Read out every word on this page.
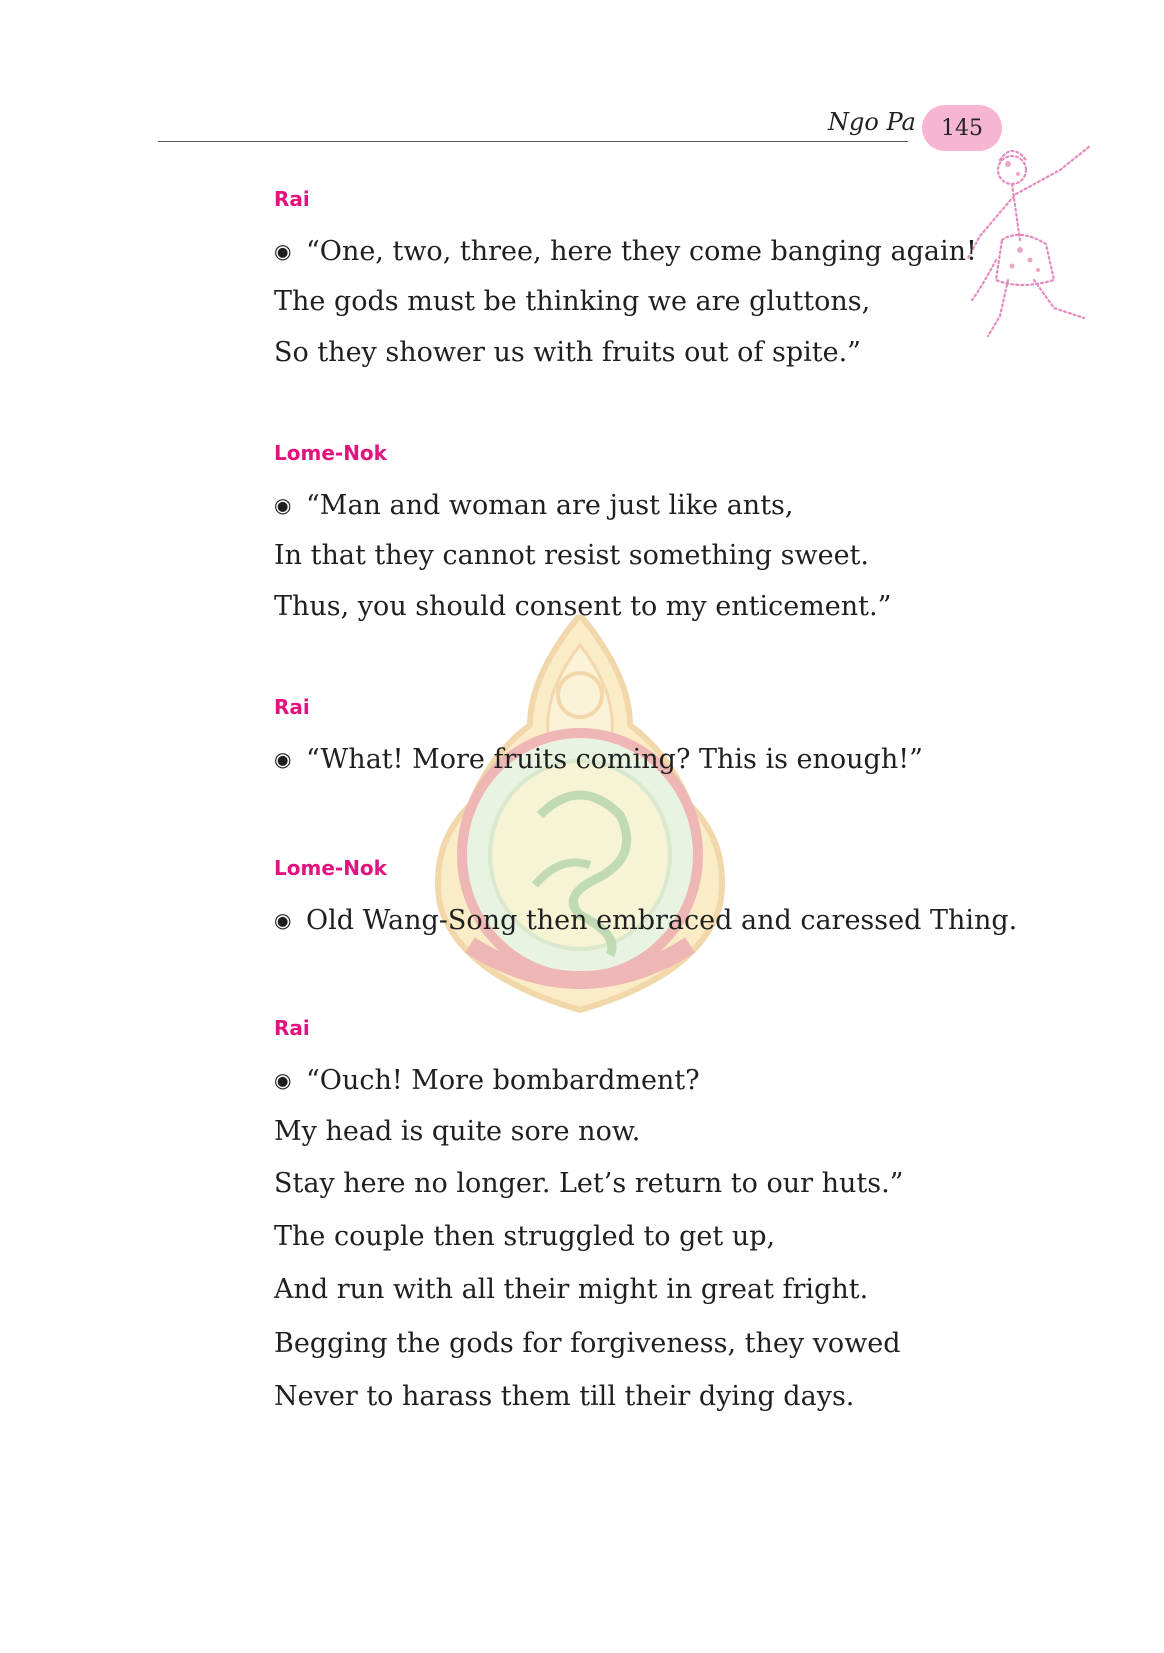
Ngo Pa 145
Rai
◉ “One, two, three, here they come banging again!
The gods must be thinking we are gluttons,
So they shower us with fruits out of spite.”
Lome-Nok
◉ “Man and woman are just like ants,
In that they cannot resist something sweet.
Thus, you should consent to my enticement.”
Rai
◉ “What! More fruits coming? This is enough!”
Lome-Nok
◉ Old Wang-Song then embraced and caressed Thing.
Rai
◉ “Ouch! More bombardment?
My head is quite sore now.
Stay here no longer. Let’s return to our huts.”
The couple then struggled to get up,
And run with all their might in great fright.
Begging the gods for forgiveness, they vowed
Never to harass them till their dying days.
